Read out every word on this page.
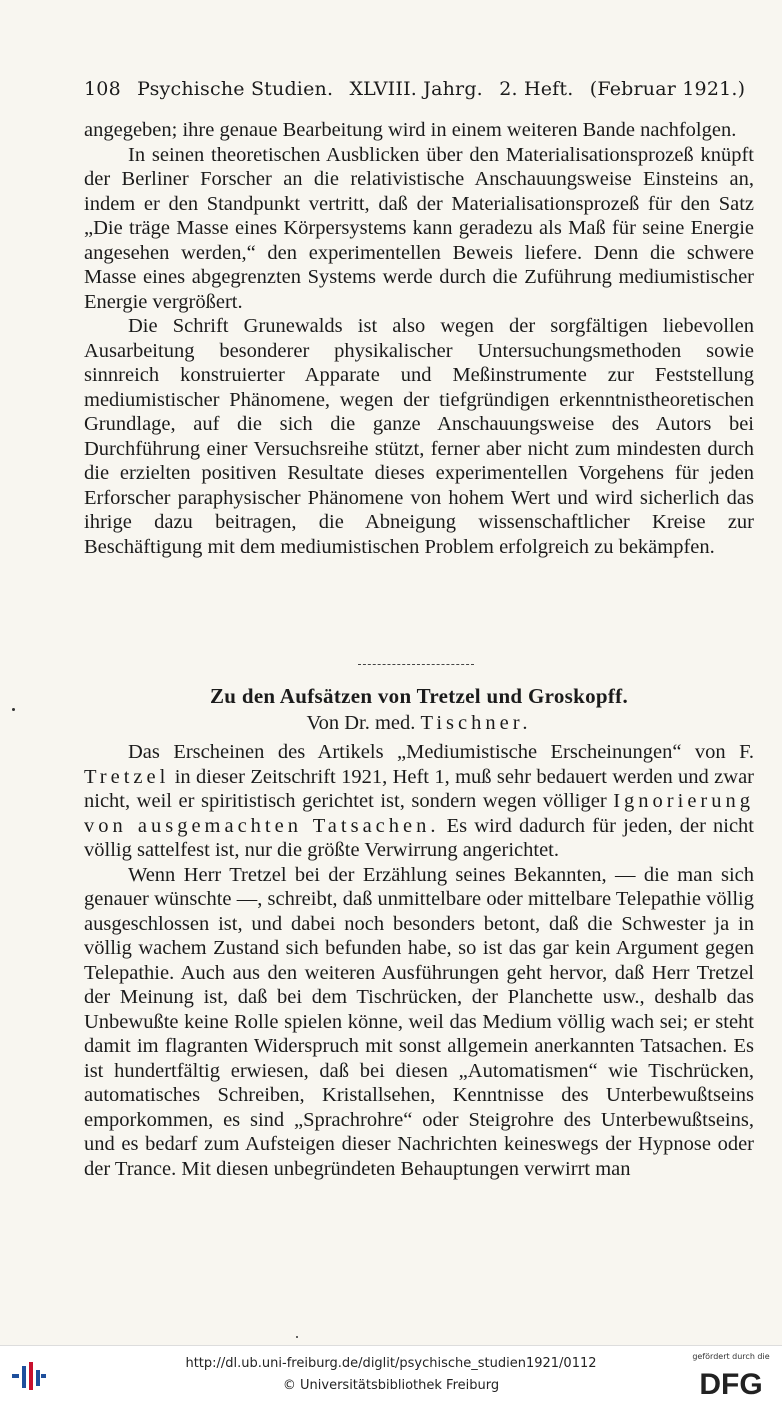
108 Psychische Studien. XLVIII. Jahrg. 2. Heft. (Februar 1921.)

angegeben; ihre genaue Bearbeitung wird in einem weiteren Bande nachfolgen.

In seinen theoretischen Ausblicken über den Materialisationsprozeß knüpft der Berliner Forscher an die relativistische Anschauungsweise Einsteins an, indem er den Standpunkt vertritt, daß der Materialisationsprozeß für den Satz „Die träge Masse eines Körpersystems kann geradezu als Maß für seine Energie angesehen werden,“ den experimentellen Beweis liefere. Denn die schwere Masse eines abgegrenzten Systems werde durch die Zuführung mediumistischer Energie vergrößert.

Die Schrift Grunewalds ist also wegen der sorgfältigen liebevollen Ausarbeitung besonderer physikalischer Untersuchungsmethoden sowie sinnreich konstruierter Apparate und Meßinstrumente zur Feststellung mediumistischer Phänomene, wegen der tiefgründigen erkenntnistheoretischen Grundlage, auf die sich die ganze Anschauungsweise des Autors bei Durchführung einer Versuchsreihe stützt, ferner aber nicht zum mindesten durch die erzielten positiven Resultate dieses experimentellen Vorgehens für jeden Erforscher paraphysischer Phänomene von hohem Wert und wird sicherlich das ihrige dazu beitragen, die Abneigung wissenschaftlicher Kreise zur Beschäftigung mit dem mediumistischen Problem erfolgreich zu bekämpfen.

Zu den Aufsätzen von Tretzel und Groskopff.
Von Dr. med. Tischner.

Das Erscheinen des Artikels „Mediumistische Erscheinungen“ von F. Tretzel in dieser Zeitschrift 1921, Heft 1, muß sehr bedauert werden und zwar nicht, weil er spiritistisch gerichtet ist, sondern wegen völliger Ignorierung von ausgemachten Tatsachen. Es wird dadurch für jeden, der nicht völlig sattelfest ist, nur die größte Verwirrung angerichtet.

Wenn Herr Tretzel bei der Erzählung seines Bekannten, — die man sich genauer wünschte —, schreibt, daß unmittelbare oder mittelbare Telepathie völlig ausgeschlossen ist, und dabei noch besonders betont, daß die Schwester ja in völlig wachem Zustand sich befunden habe, so ist das gar kein Argument gegen Telepathie. Auch aus den weiteren Ausführungen geht hervor, daß Herr Tretzel der Meinung ist, daß bei dem Tischrücken, der Planchette usw., deshalb das Unbewußte keine Rolle spielen könne, weil das Medium völlig wach sei; er steht damit im flagranten Widerspruch mit sonst allgemein anerkannten Tatsachen. Es ist hundertfältig erwiesen, daß bei diesen „Automatismen“ wie Tischrücken, automatisches Schreiben, Kristallsehen, Kenntnisse des Unterbewußtseins emporkommen, es sind „Sprachrohre“ oder Steigrohre des Unterbewußtseins, und es bedarf zum Aufsteigen dieser Nachrichten keineswegs der Hypnose oder der Trance. Mit diesen unbegründeten Behauptungen verwirrt man

http://dl.ub.uni-freiburg.de/diglit/psychische_studien1921/0112
© Universitätsbibliothek Freiburg
gefördert durch die
DFG
